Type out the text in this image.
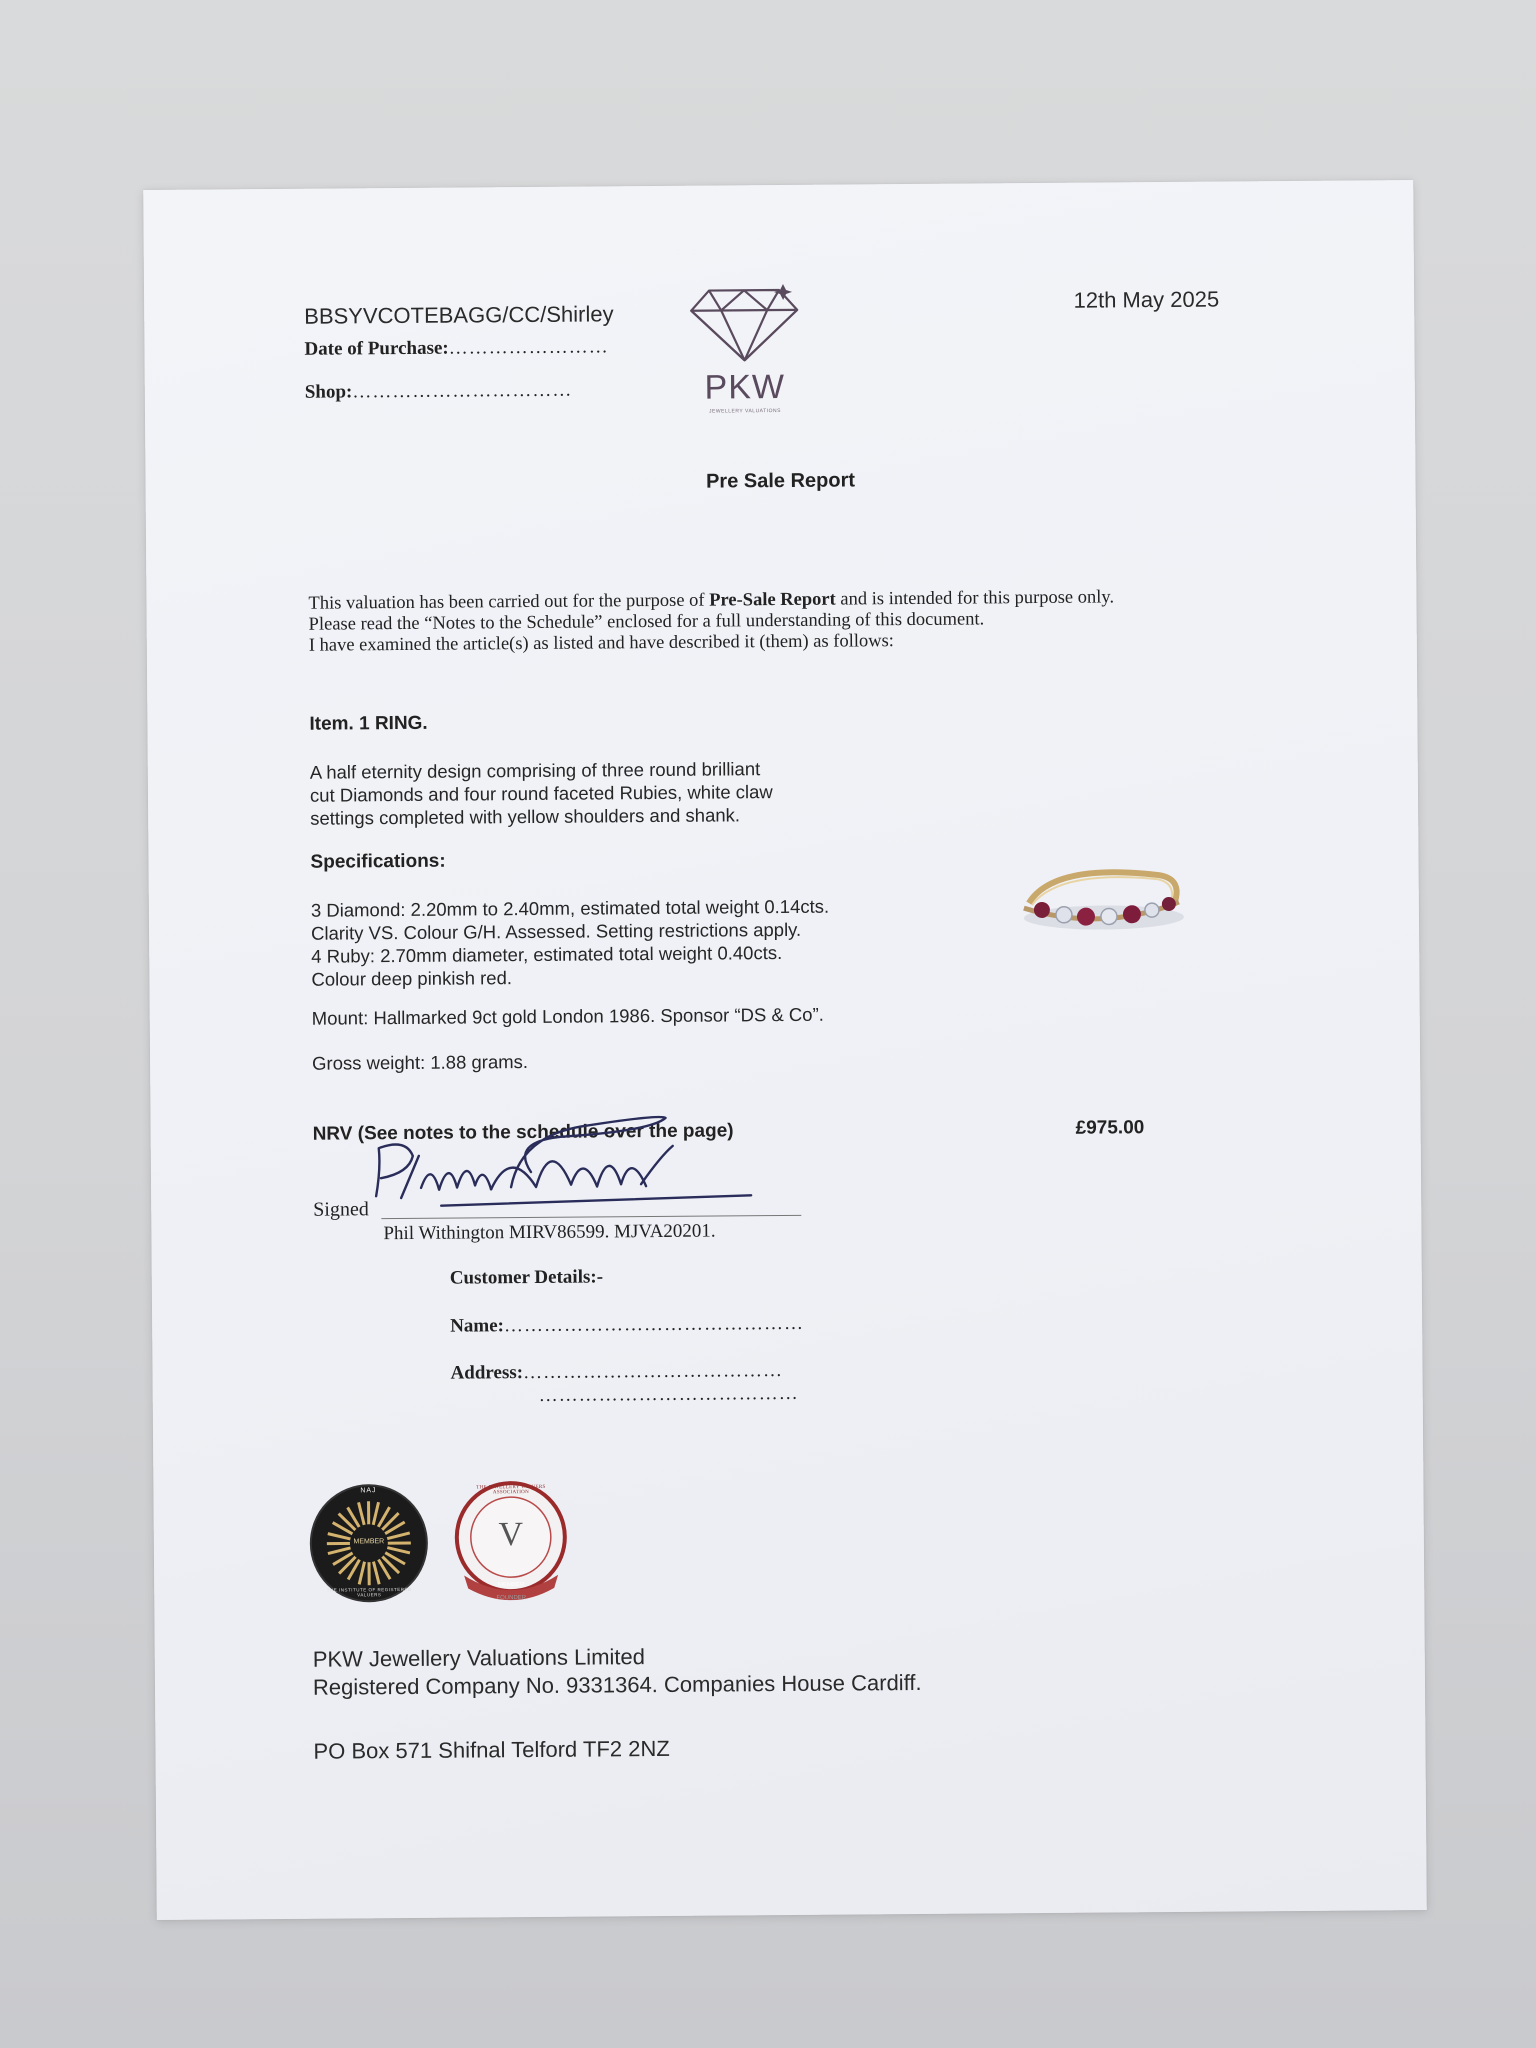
BBSYVCOTEBAGG/CC/Shirley
Date of Purchase:……………………
Shop:……………………………	PKW
JEWELLERY VALUATIONS
12th May 2025
Pre Sale Report
This valuation has been carried out for the purpose of Pre-Sale Report and is intended for this purpose only.
Please read the “Notes to the Schedule” enclosed for a full understanding of this document.
I have examined the article(s) as listed and have described it (them) as follows:
Item. 1 RING.
A half eternity design comprising of three round brilliant
cut Diamonds and four round faceted Rubies, white claw
settings completed with yellow shoulders and shank.
Specifications:
3 Diamond: 2.20mm to 2.40mm, estimated total weight 0.14cts.
Clarity VS. Colour G/H. Assessed. Setting restrictions apply.
4 Ruby: 2.70mm diameter, estimated total weight 0.40cts.
Colour deep pinkish red.
Mount: Hallmarked 9ct gold London 1986. Sponsor “DS & Co”.
Gross weight: 1.88 grams.
NRV (See notes to the schedule over the page)	£975.00
Signed
Phil Withington MIRV86599. MJVA20201.
Customer Details:-
Name:………………………………………
Address:…………………………………
…………………………………
MEMBER
NAJ
THE INSTITUTE OF REGISTERED VALUERS
V
THE JEWELLERY VALUERS ASSOCIATION
MEMBER
FOUNDER
PKW Jewellery Valuations Limited
Registered Company No. 9331364. Companies House Cardiff.
PO Box 571 Shifnal Telford TF2 2NZ
